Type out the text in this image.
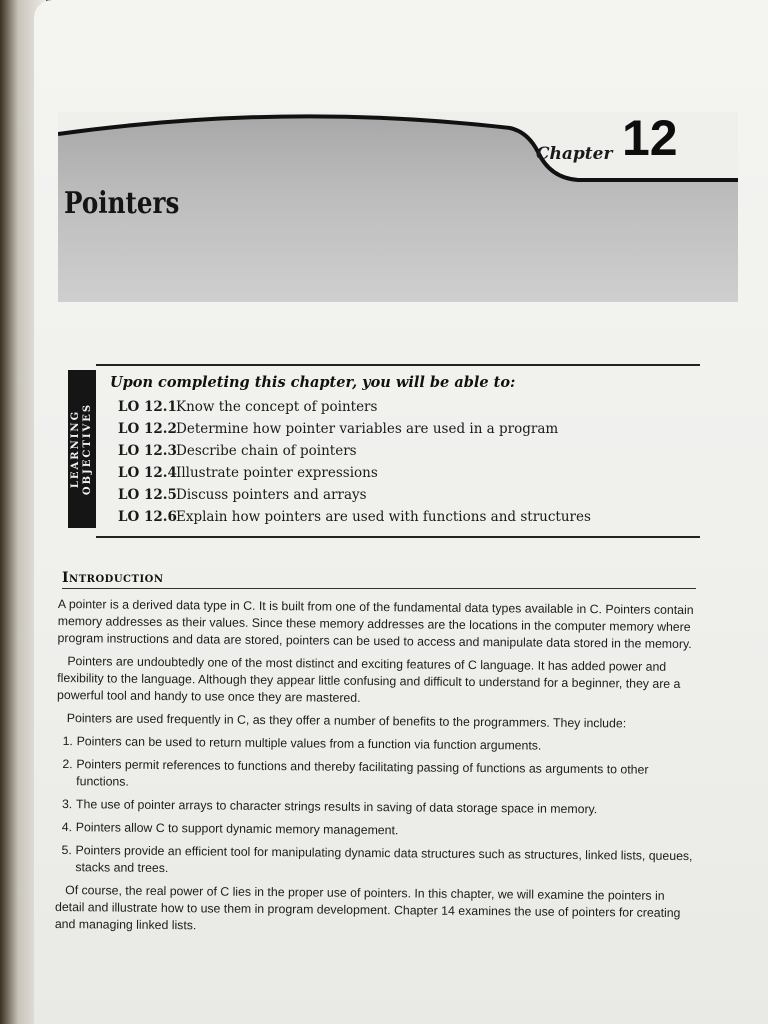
Chapter 12
Pointers
LEARNING OBJECTIVES
Upon completing this chapter, you will be able to:
LO 12.1Know the concept of pointers
LO 12.2Determine how pointer variables are used in a program
LO 12.3Describe chain of pointers
LO 12.4Illustrate pointer expressions
LO 12.5Discuss pointers and arrays
LO 12.6Explain how pointers are used with functions and structures
Introduction

A pointer is a derived data type in C. It is built from one of the fundamental data types available in C. Pointers contain memory addresses as their values. Since these memory addresses are the locations in the computer memory where program instructions and data are stored, pointers can be used to access and manipulate data stored in the memory.

Pointers are undoubtedly one of the most distinct and exciting features of C language. It has added power and flexibility to the language. Although they appear little confusing and difficult to understand for a beginner, they are a powerful tool and handy to use once they are mastered.

Pointers are used frequently in C, as they offer a number of benefits to the programmers. They include:

1. Pointers can be used to return multiple values from a function via function arguments.
2. Pointers permit references to functions and thereby facilitating passing of functions as arguments to other functions.
3. The use of pointer arrays to character strings results in saving of data storage space in memory.
4. Pointers allow C to support dynamic memory management.
5. Pointers provide an efficient tool for manipulating dynamic data structures such as structures, linked lists, queues, stacks and trees.

Of course, the real power of C lies in the proper use of pointers. In this chapter, we will examine the pointers in detail and illustrate how to use them in program development. Chapter 14 examines the use of pointers for creating and managing linked lists.
